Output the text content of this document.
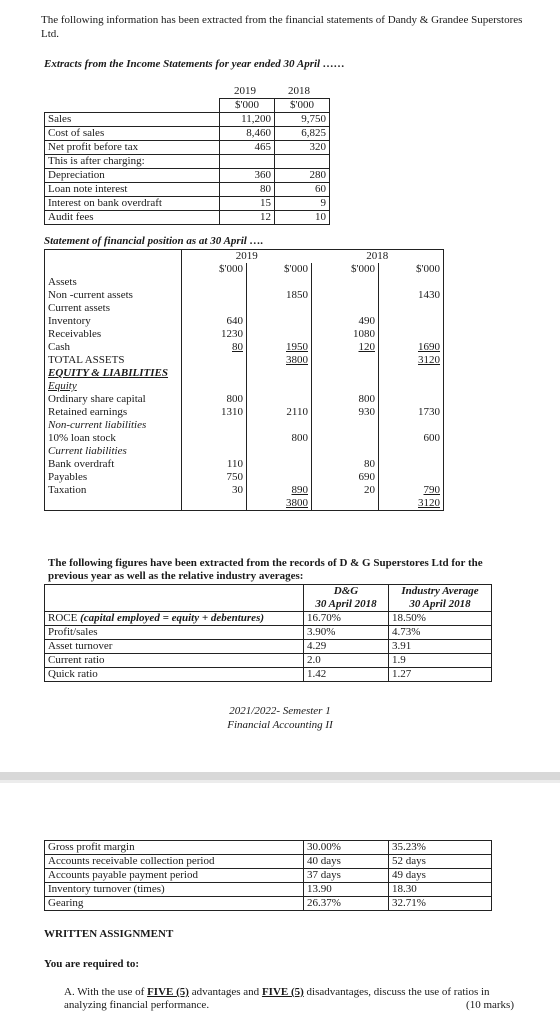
The following information has been extracted from the financial statements of Dandy & Grandee Superstores Ltd.
Extracts from the Income Statements for year ended 30 April ……
	2019	2018
	$'000	$'000
Sales	11,200	9,750
Cost of sales	8,460	6,825
Net profit before tax	465	320
This is after charging:		
Depreciation	360	280
Loan note interest	80	60
Interest on bank overdraft	15	9
Audit fees	12	10
Statement of financial position as at 30 April ….
	2019		2018	
	$'000	$'000	$'000	$'000
Assets				
Non -current assets		1850		1430
Current assets				
Inventory	640		490	
Receivables	1230		1080	
Cash	80	1950	120	1690
TOTAL ASSETS		3800		3120
EQUITY & LIABILITIES				
Equity				
Ordinary share capital	800		800	
Retained earnings	1310	2110	930	1730
Non-current liabilities				
10% loan stock		800		600
Current liabilities				
Bank overdraft	110		80	
Payables	750		690	
Taxation	30	890	20	790
		3800		3120
The following figures have been extracted from the records of D & G Superstores Ltd for the previous year as well as the relative industry averages:
	D&G	Industry Average
	30 April 2018	30 April 2018
ROCE (capital employed = equity + debentures)	16.70%	18.50%
Profit/sales	3.90%	4.73%
Asset turnover	4.29	3.91
Current ratio	2.0	1.9
Quick ratio	1.42	1.27
2021/2022- Semester 1
Financial Accounting II
Gross profit margin	30.00%	35.23%
Accounts receivable collection period	40 days	52 days
Accounts payable payment period	37 days	49 days
Inventory turnover (times)	13.90	18.30
Gearing	26.37%	32.71%
WRITTEN ASSIGNMENT
You are required to:
A. With the use of FIVE (5) advantages and FIVE (5) disadvantages, discuss the use of ratios in analyzing financial performance.	(10 marks)
